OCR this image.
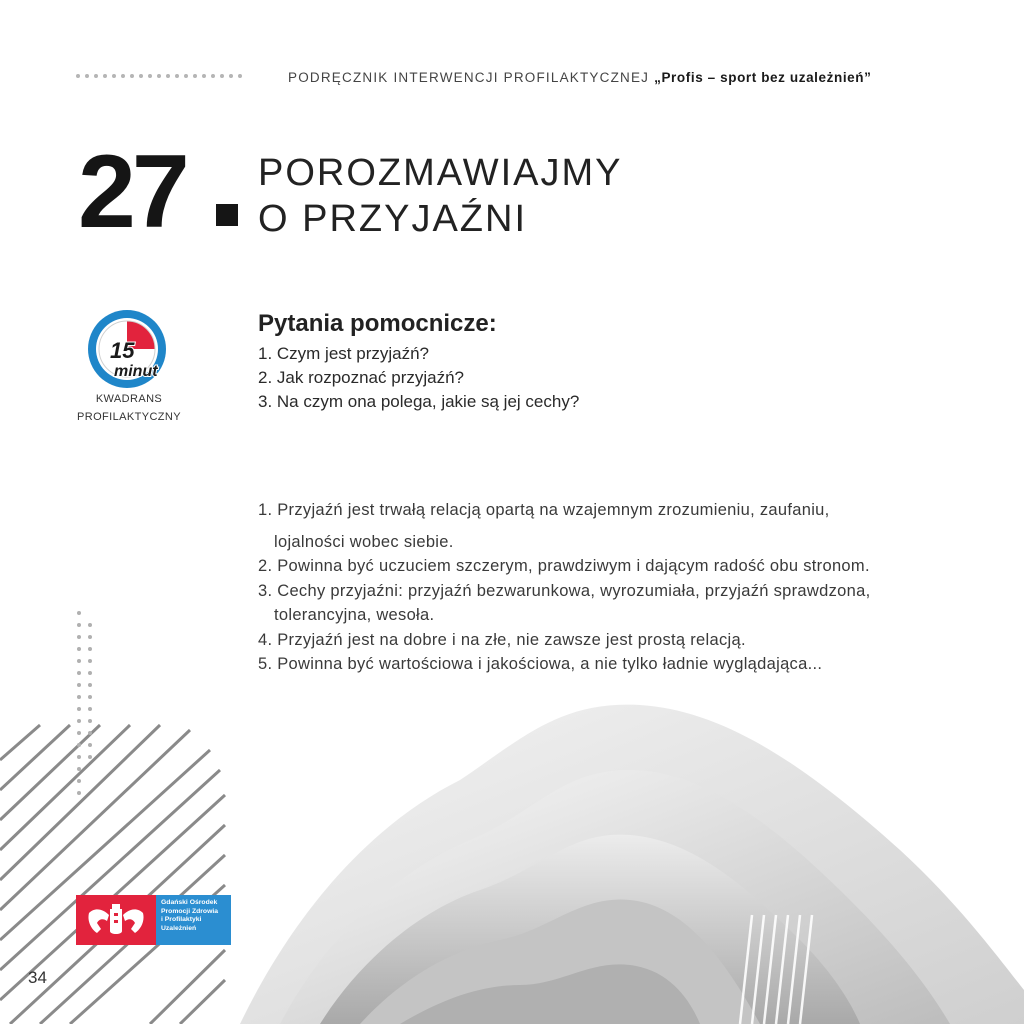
PODRĘCZNIK INTERWENCJI PROFILAKTYCZNEJ „Profis – sport bez uzależnień”
27 POROZMAWIAJMY
O PRZYJAŹNI
15
minut
KWADRANS
PROFILAKTYCZNY
Pytania pomocnicze:
1. Czym jest przyjaźń?
2. Jak rozpoznać przyjaźń?
3. Na czym ona polega, jakie są jej cechy?
1. Przyjaźń jest trwałą relacją opartą na wzajemnym zrozumieniu, zaufaniu,
lojalności wobec siebie.
2. Powinna być uczuciem szczerym, prawdziwym i dającym radość obu stronom.
3. Cechy przyjaźni: przyjaźń bezwarunkowa, wyrozumiała, przyjaźń sprawdzona,
tolerancyjna, wesoła.
4. Przyjaźń jest na dobre i na złe, nie zawsze jest prostą relacją.
5. Powinna być wartościowa i jakościowa, a nie tylko ładnie wyglądająca...
Gdański Ośrodek
Promocji Zdrowia
i Profilaktyki
Uzależnień
34
